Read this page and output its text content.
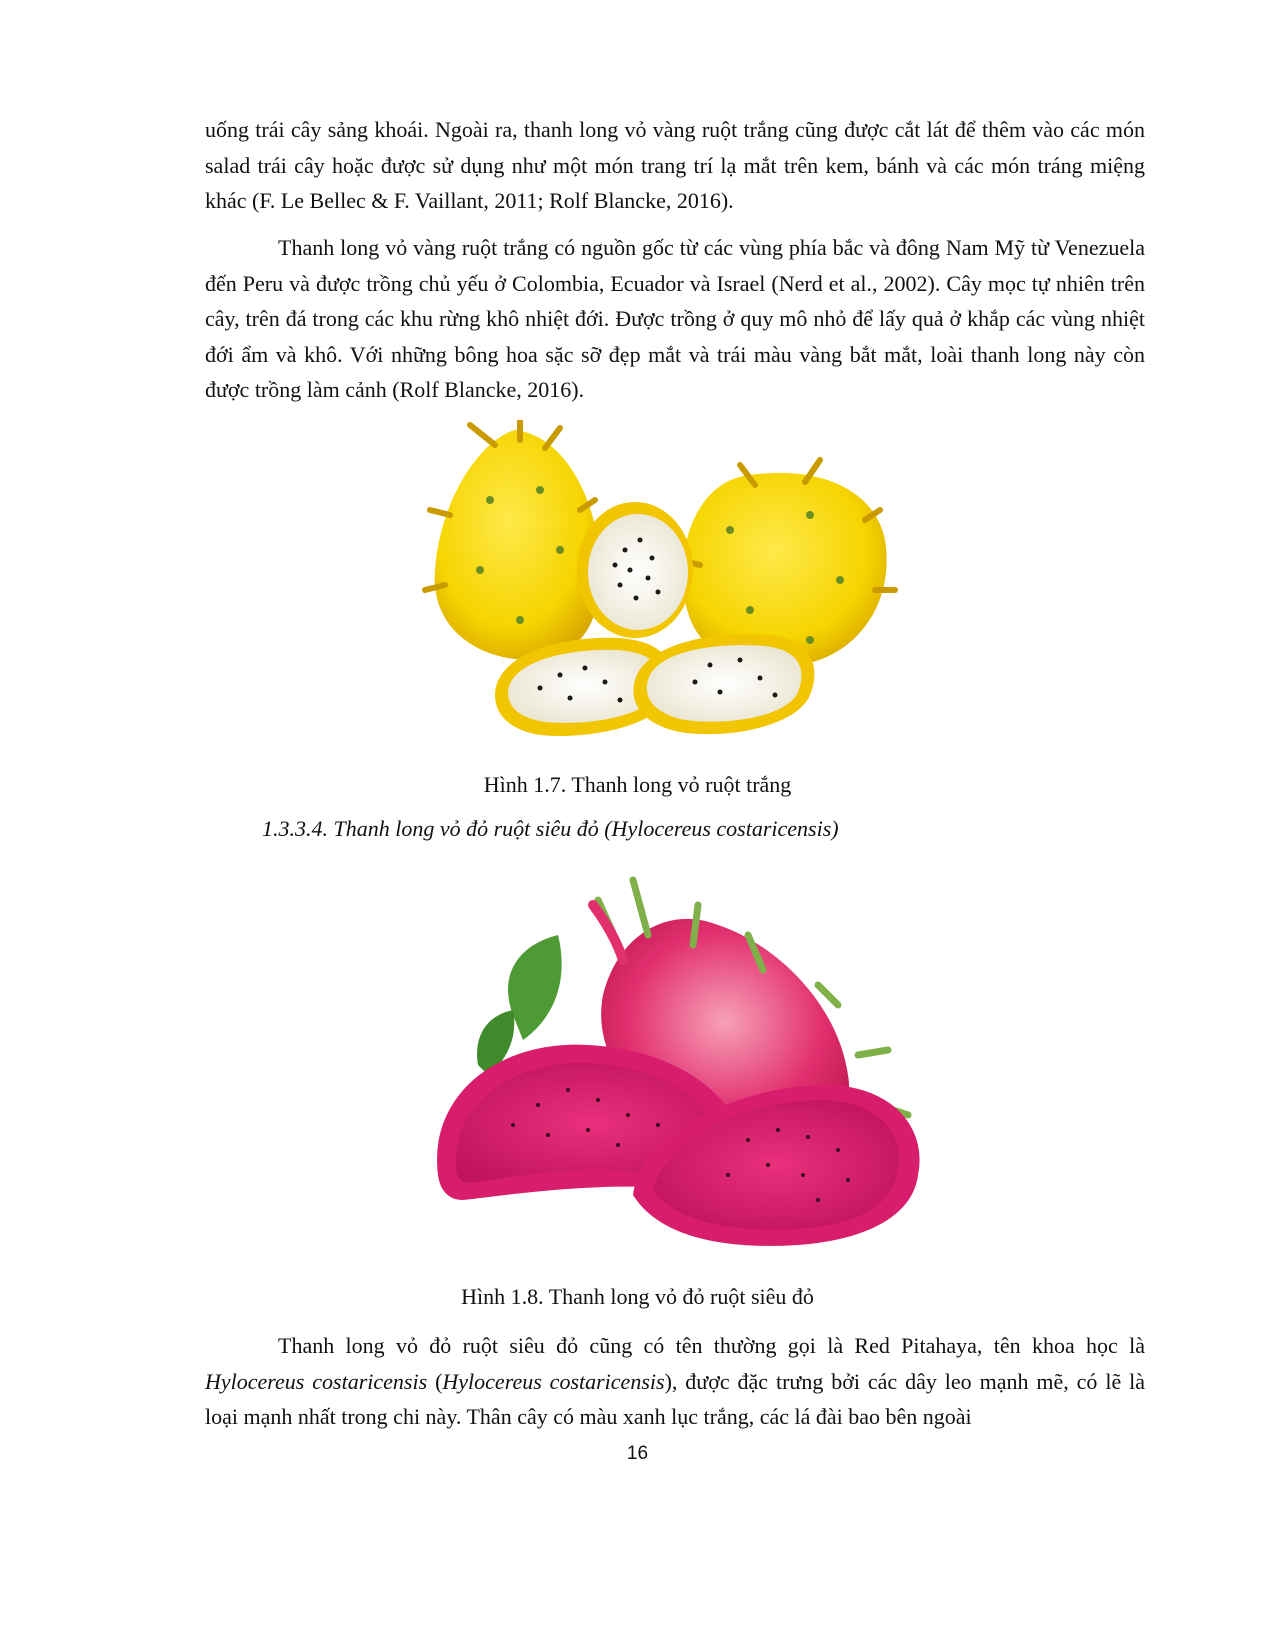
uống trái cây sảng khoái. Ngoài ra, thanh long vỏ vàng ruột trắng cũng được cắt lát để thêm vào các món salad trái cây hoặc được sử dụng như một món trang trí lạ mắt trên kem, bánh và các món tráng miệng khác (F. Le Bellec & F. Vaillant, 2011; Rolf Blancke, 2016).

Thanh long vỏ vàng ruột trắng có nguồn gốc từ các vùng phía bắc và đông Nam Mỹ từ Venezuela đến Peru và được trồng chủ yếu ở Colombia, Ecuador và Israel (Nerd et al., 2002). Cây mọc tự nhiên trên cây, trên đá trong các khu rừng khô nhiệt đới. Được trồng ở quy mô nhỏ để lấy quả ở khắp các vùng nhiệt đới ẩm và khô. Với những bông hoa sặc sỡ đẹp mắt và trái màu vàng bắt mắt, loài thanh long này còn được trồng làm cảnh (Rolf Blancke, 2016).

Hình 1.7. Thanh long vỏ ruột trắng

1.3.3.4. Thanh long vỏ đỏ ruột siêu đỏ (Hylocereus costaricensis)

Hình 1.8. Thanh long vỏ đỏ ruột siêu đỏ

Thanh long vỏ đỏ ruột siêu đỏ cũng có tên thường gọi là Red Pitahaya, tên khoa học là Hylocereus costaricensis (Hylocereus costaricensis), được đặc trưng bởi các dây leo mạnh mẽ, có lẽ là loại mạnh nhất trong chi này. Thân cây có màu xanh lục trắng, các lá đài bao bên ngoài

16
